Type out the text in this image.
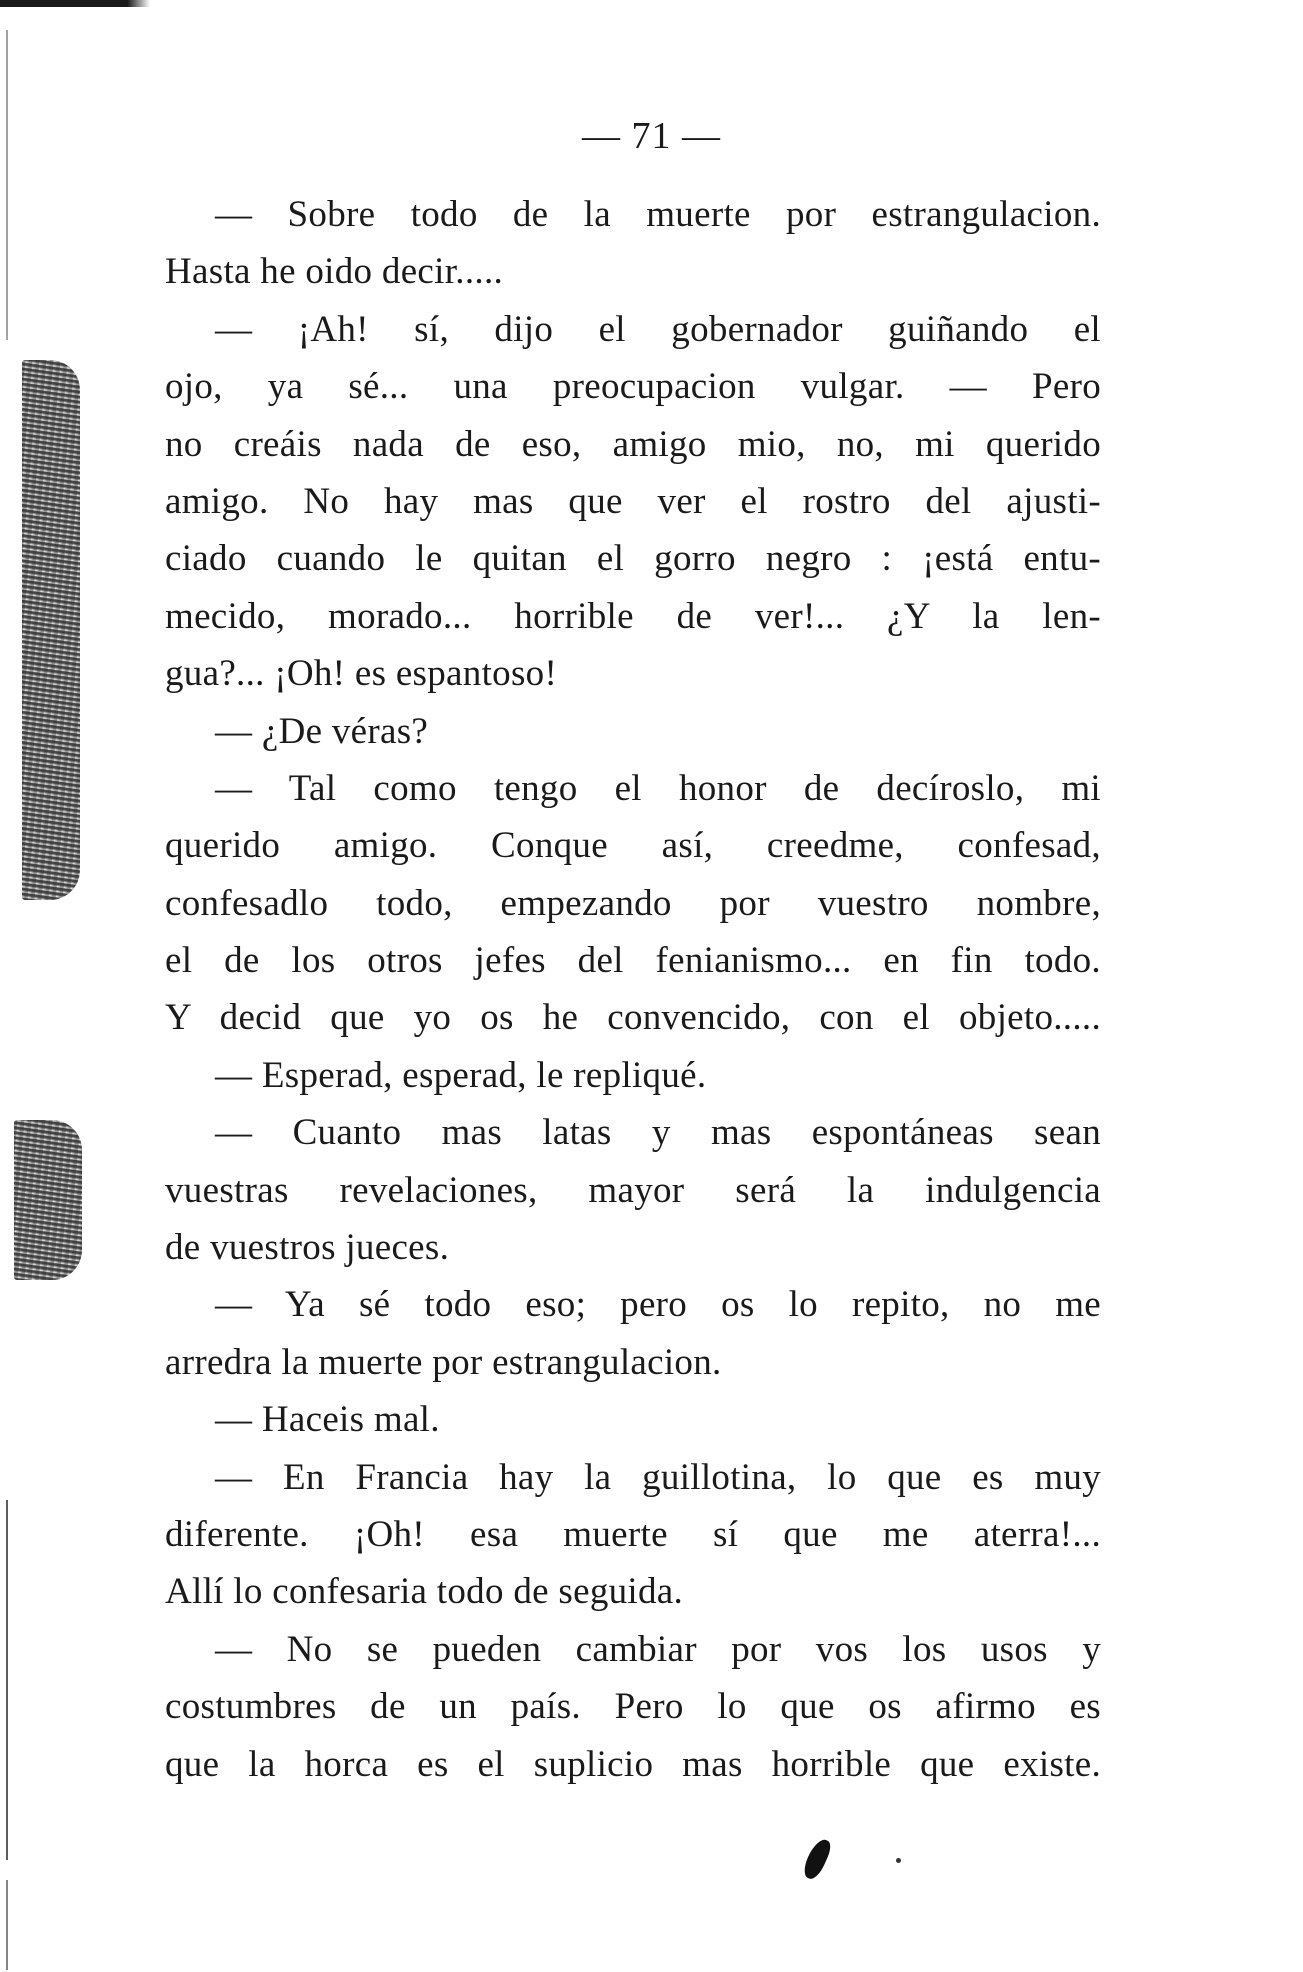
— 71 —
— Sobre todo de la muerte por estrangulacion.
Hasta he oido decir.....
— ¡Ah! sí, dijo el gobernador guiñando el
ojo, ya sé... una preocupacion vulgar. — Pero
no creáis nada de eso, amigo mio, no, mi querido
amigo. No hay mas que ver el rostro del ajusti-
ciado cuando le quitan el gorro negro : ¡está entu-
mecido, morado... horrible de ver!... ¿Y la len-
gua?... ¡Oh! es espantoso!
— ¿De véras?
— Tal como tengo el honor de decíroslo, mi
querido amigo. Conque así, creedme, confesad,
confesadlo todo, empezando por vuestro nombre,
el de los otros jefes del fenianismo... en fin todo.
Y decid que yo os he convencido, con el objeto.....
— Esperad, esperad, le repliqué.
— Cuanto mas latas y mas espontáneas sean
vuestras revelaciones, mayor será la indulgencia
de vuestros jueces.
— Ya sé todo eso; pero os lo repito, no me
arredra la muerte por estrangulacion.
— Haceis mal.
— En Francia hay la guillotina, lo que es muy
diferente. ¡Oh! esa muerte sí que me aterra!...
Allí lo confesaria todo de seguida.
— No se pueden cambiar por vos los usos y
costumbres de un país. Pero lo que os afirmo es
que la horca es el suplicio mas horrible que existe.
